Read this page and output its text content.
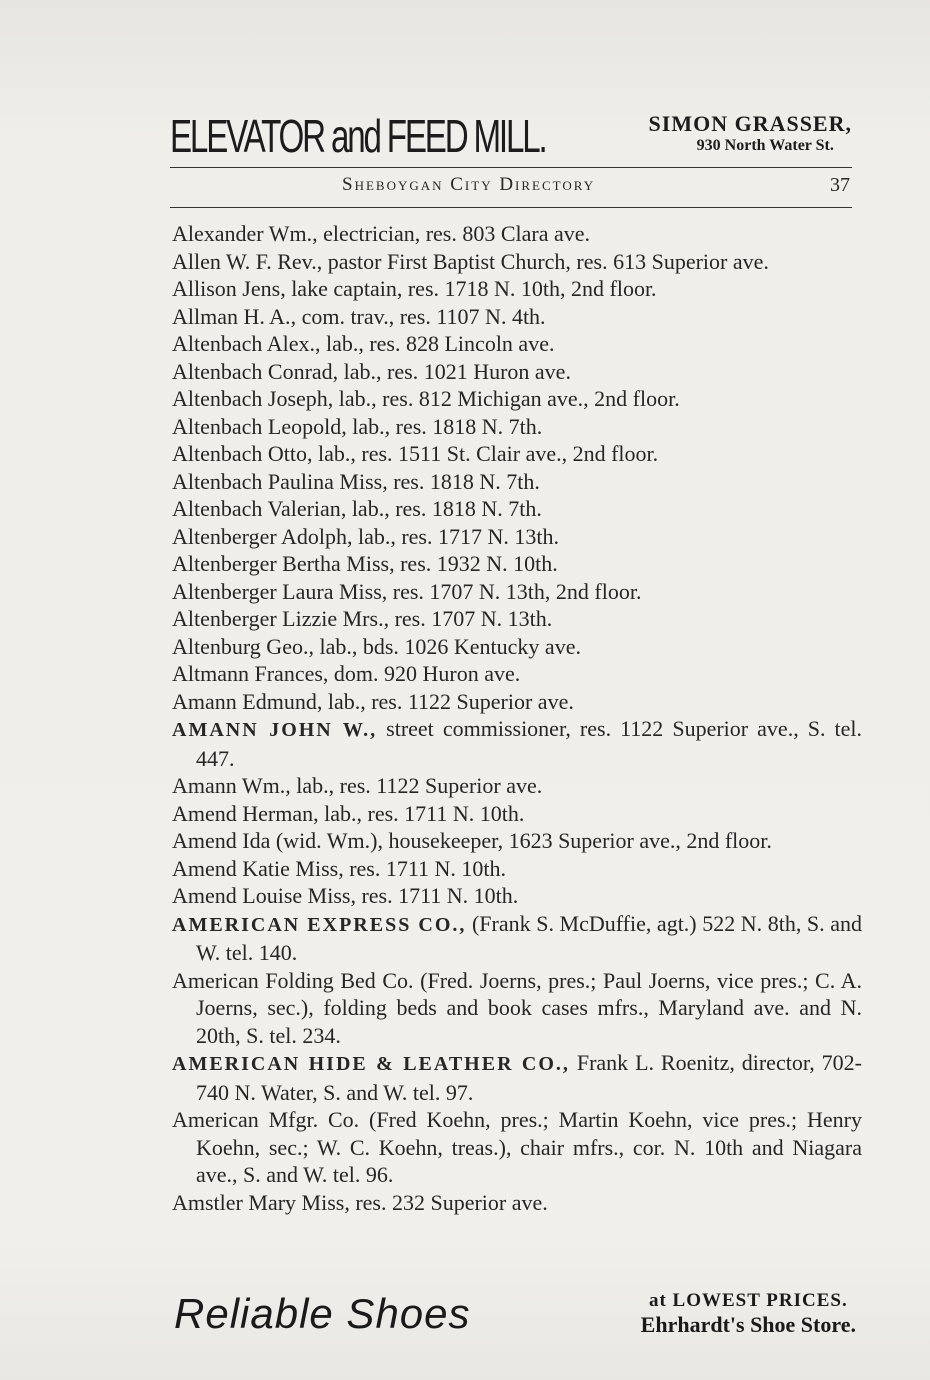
ELEVATOR and FEED MILL.	SIMON GRASSER,
930 North Water St.
Sheboygan City Directory	37

Alexander Wm., electrician, res. 803 Clara ave.

Allen W. F. Rev., pastor First Baptist Church, res. 613 Superior ave.

Allison Jens, lake captain, res. 1718 N. 10th, 2nd floor.

Allman H. A., com. trav., res. 1107 N. 4th.

Altenbach Alex., lab., res. 828 Lincoln ave.

Altenbach Conrad, lab., res. 1021 Huron ave.

Altenbach Joseph, lab., res. 812 Michigan ave., 2nd floor.

Altenbach Leopold, lab., res. 1818 N. 7th.

Altenbach Otto, lab., res. 1511 St. Clair ave., 2nd floor.

Altenbach Paulina Miss, res. 1818 N. 7th.

Altenbach Valerian, lab., res. 1818 N. 7th.

Altenberger Adolph, lab., res. 1717 N. 13th.

Altenberger Bertha Miss, res. 1932 N. 10th.

Altenberger Laura Miss, res. 1707 N. 13th, 2nd floor.

Altenberger Lizzie Mrs., res. 1707 N. 13th.

Altenburg Geo., lab., bds. 1026 Kentucky ave.

Altmann Frances, dom. 920 Huron ave.

Amann Edmund, lab., res. 1122 Superior ave.

AMANN JOHN W., street commissioner, res. 1122 Superior ave., S. tel. 447.

Amann Wm., lab., res. 1122 Superior ave.

Amend Herman, lab., res. 1711 N. 10th.

Amend Ida (wid. Wm.), housekeeper, 1623 Superior ave., 2nd floor.

Amend Katie Miss, res. 1711 N. 10th.

Amend Louise Miss, res. 1711 N. 10th.

AMERICAN EXPRESS CO., (Frank S. McDuffie, agt.) 522 N. 8th, S. and W. tel. 140.

American Folding Bed Co. (Fred. Joerns, pres.; Paul Joerns, vice pres.; C. A. Joerns, sec.), folding beds and book cases mfrs., Maryland ave. and N. 20th, S. tel. 234.

AMERICAN HIDE & LEATHER CO., Frank L. Roenitz, director, 702-740 N. Water, S. and W. tel. 97.

American Mfgr. Co. (Fred Koehn, pres.; Martin Koehn, vice pres.; Henry Koehn, sec.; W. C. Koehn, treas.), chair mfrs., cor. N. 10th and Niagara ave., S. and W. tel. 96.

Amstler Mary Miss, res. 232 Superior ave.

Reliable Shoes	at LOWEST PRICES.
Ehrhardt's Shoe Store.
